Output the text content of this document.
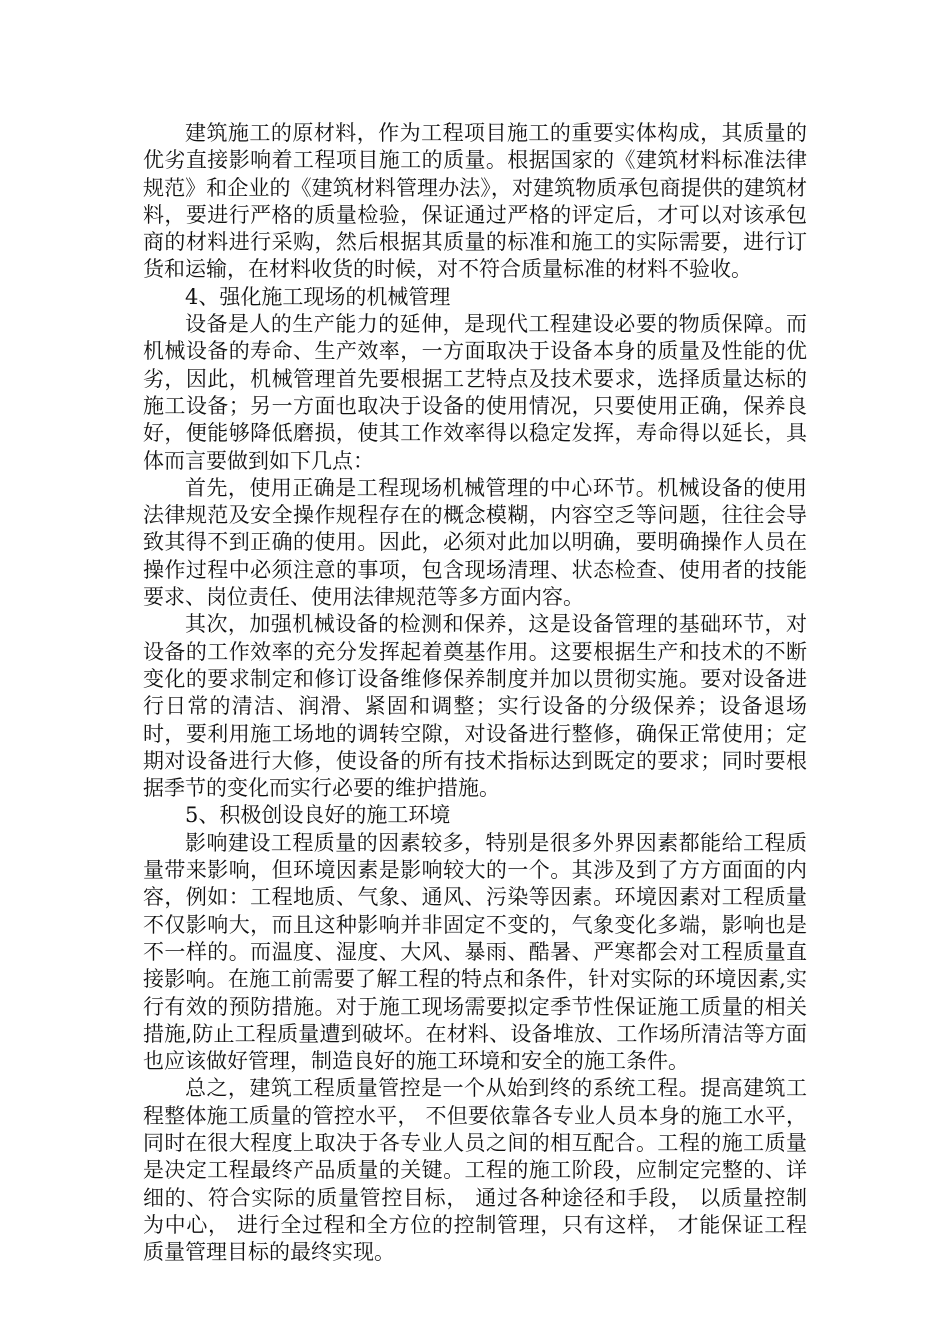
建筑施工的原材料，作为工程项目施工的重要实体构成，其质量的优劣直接影响着工程项目施工的质量。根据国家的《建筑材料标准法律规范》和企业的《建筑材料管理办法》，对建筑物质承包商提供的建筑材料，要进行严格的质量检验，保证通过严格的评定后，才可以对该承包商的材料进行采购，然后根据其质量的标准和施工的实际需要，进行订货和运输，在材料收货的时候，对不符合质量标准的材料不验收。

4、强化施工现场的机械管理

设备是人的生产能力的延伸，是现代工程建设必要的物质保障。而机械设备的寿命、生产效率，一方面取决于设备本身的质量及性能的优劣，因此，机械管理首先要根据工艺特点及技术要求，选择质量达标的施工设备；另一方面也取决于设备的使用情况，只要使用正确，保养良好，便能够降低磨损，使其工作效率得以稳定发挥，寿命得以延长，具体而言要做到如下几点：

首先，使用正确是工程现场机械管理的中心环节。机械设备的使用法律规范及安全操作规程存在的概念模糊，内容空乏等问题，往往会导致其得不到正确的使用。因此，必须对此加以明确，要明确操作人员在操作过程中必须注意的事项，包含现场清理、状态检查、使用者的技能要求、岗位责任、使用法律规范等多方面内容。

其次，加强机械设备的检测和保养，这是设备管理的基础环节，对设备的工作效率的充分发挥起着奠基作用。这要根据生产和技术的不断变化的要求制定和修订设备维修保养制度并加以贯彻实施。要对设备进行日常的清洁、润滑、紧固和调整；实行设备的分级保养；设备退场时，要利用施工场地的调转空隙，对设备进行整修，确保正常使用；定期对设备进行大修，使设备的所有技术指标达到既定的要求；同时要根据季节的变化而实行必要的维护措施。

5、积极创设良好的施工环境

影响建设工程质量的因素较多，特别是很多外界因素都能给工程质量带来影响，但环境因素是影响较大的一个。其涉及到了方方面面的内容，例如：工程地质、气象、通风、污染等因素。环境因素对工程质量不仅影响大，而且这种影响并非固定不变的，气象变化多端，影响也是不一样的。而温度、湿度、大风、暴雨、酷暑、严寒都会对工程质量直接影响。在施工前需要了解工程的特点和条件，针对实际的环境因素,实行有效的预防措施。对于施工现场需要拟定季节性保证施工质量的相关措施,防止工程质量遭到破坏。在材料、设备堆放、工作场所清洁等方面也应该做好管理，制造良好的施工环境和安全的施工条件。

总之，建筑工程质量管控是一个从始到终的系统工程。提高建筑工程整体施工质量的管控水平， 不但要依靠各专业人员本身的施工水平， 同时在很大程度上取决于各专业人员之间的相互配合。工程的施工质量是决定工程最终产品质量的关键。工程的施工阶段，应制定完整的、详细的、符合实际的质量管控目标， 通过各种途径和手段， 以质量控制为中心， 进行全过程和全方位的控制管理，只有这样， 才能保证工程质量管理目标的最终实现。
